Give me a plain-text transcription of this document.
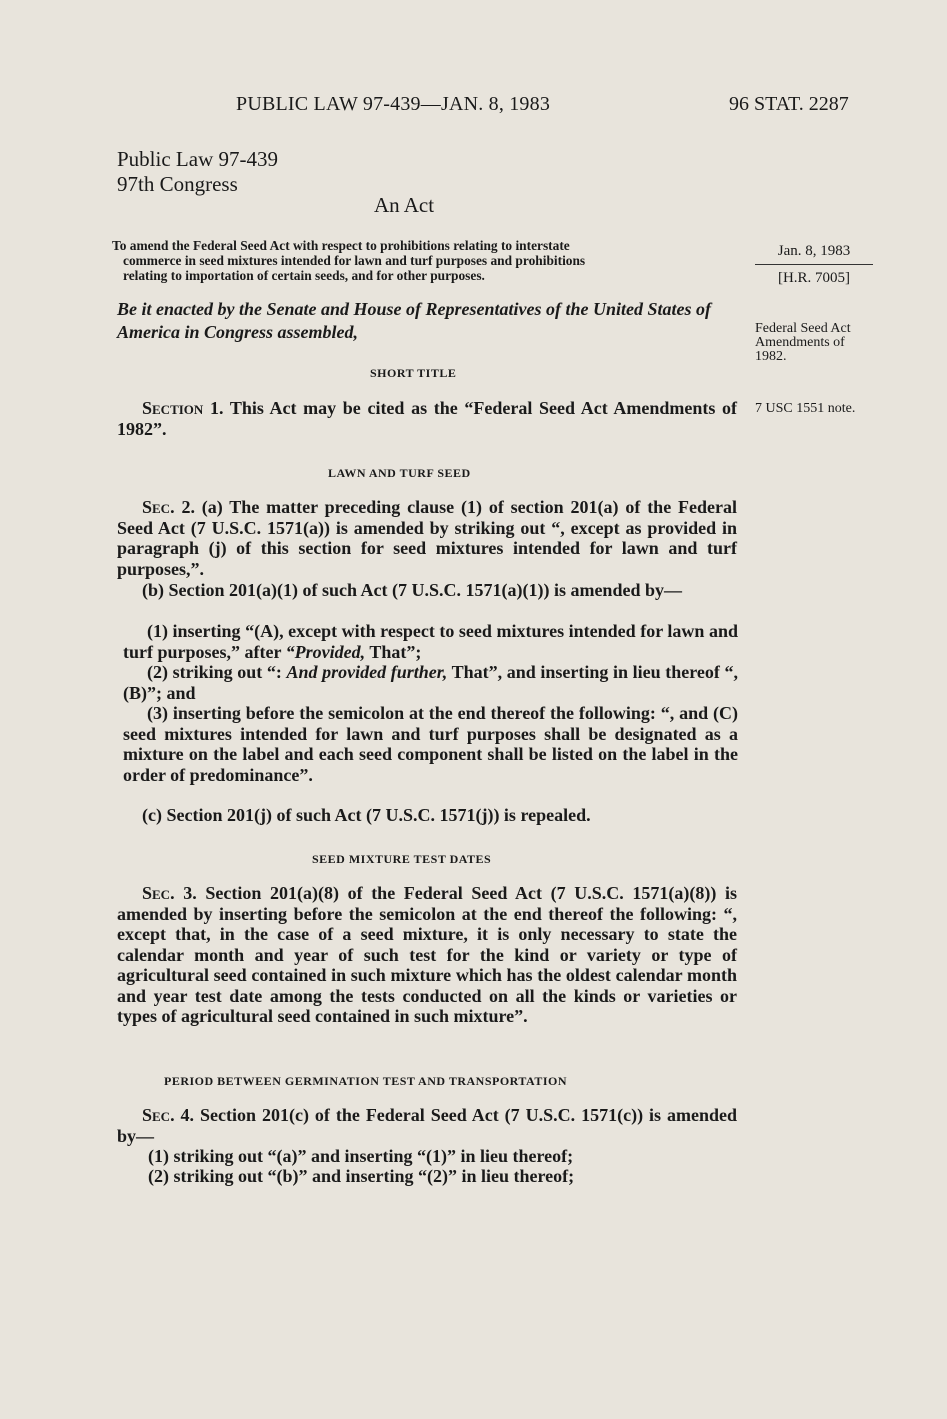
PUBLIC LAW 97-439—JAN. 8, 1983	96 STAT. 2287
Public Law 97-439
97th Congress
An Act
To amend the Federal Seed Act with respect to prohibitions relating to interstate
commerce in seed mixtures intended for lawn and turf purposes and prohibitions
relating to importation of certain seeds, and for other purposes.
Jan. 8, 1983
[H.R. 7005]
Federal Seed Act
Amendments of
1982.
7 USC 1551 note.
Be it enacted by the Senate and House of Representatives of the United States of America in Congress assembled,
SHORT TITLE
Section 1. This Act may be cited as the “Federal Seed Act Amendments of 1982”.
LAWN AND TURF SEED
Sec. 2. (a) The matter preceding clause (1) of section 201(a) of the Federal Seed Act (7 U.S.C. 1571(a)) is amended by striking out “, except as provided in paragraph (j) of this section for seed mixtures intended for lawn and turf purposes,”.
(b) Section 201(a)(1) of such Act (7 U.S.C. 1571(a)(1)) is amended by—
(1) inserting “(A), except with respect to seed mixtures intended for lawn and turf purposes,” after “Provided, That”;
(2) striking out “: And provided further, That”, and inserting in lieu thereof “, (B)”; and
(3) inserting before the semicolon at the end thereof the following: “, and (C) seed mixtures intended for lawn and turf purposes shall be designated as a mixture on the label and each seed component shall be listed on the label in the order of predominance”.
(c) Section 201(j) of such Act (7 U.S.C. 1571(j)) is repealed.
SEED MIXTURE TEST DATES
Sec. 3. Section 201(a)(8) of the Federal Seed Act (7 U.S.C. 1571(a)(8)) is amended by inserting before the semicolon at the end thereof the following: “, except that, in the case of a seed mixture, it is only necessary to state the calendar month and year of such test for the kind or variety or type of agricultural seed contained in such mixture which has the oldest calendar month and year test date among the tests conducted on all the kinds or varieties or types of agricultural seed contained in such mixture”.
PERIOD BETWEEN GERMINATION TEST AND TRANSPORTATION
Sec. 4. Section 201(c) of the Federal Seed Act (7 U.S.C. 1571(c)) is amended by—
(1) striking out “(a)” and inserting “(1)” in lieu thereof;
(2) striking out “(b)” and inserting “(2)” in lieu thereof;
